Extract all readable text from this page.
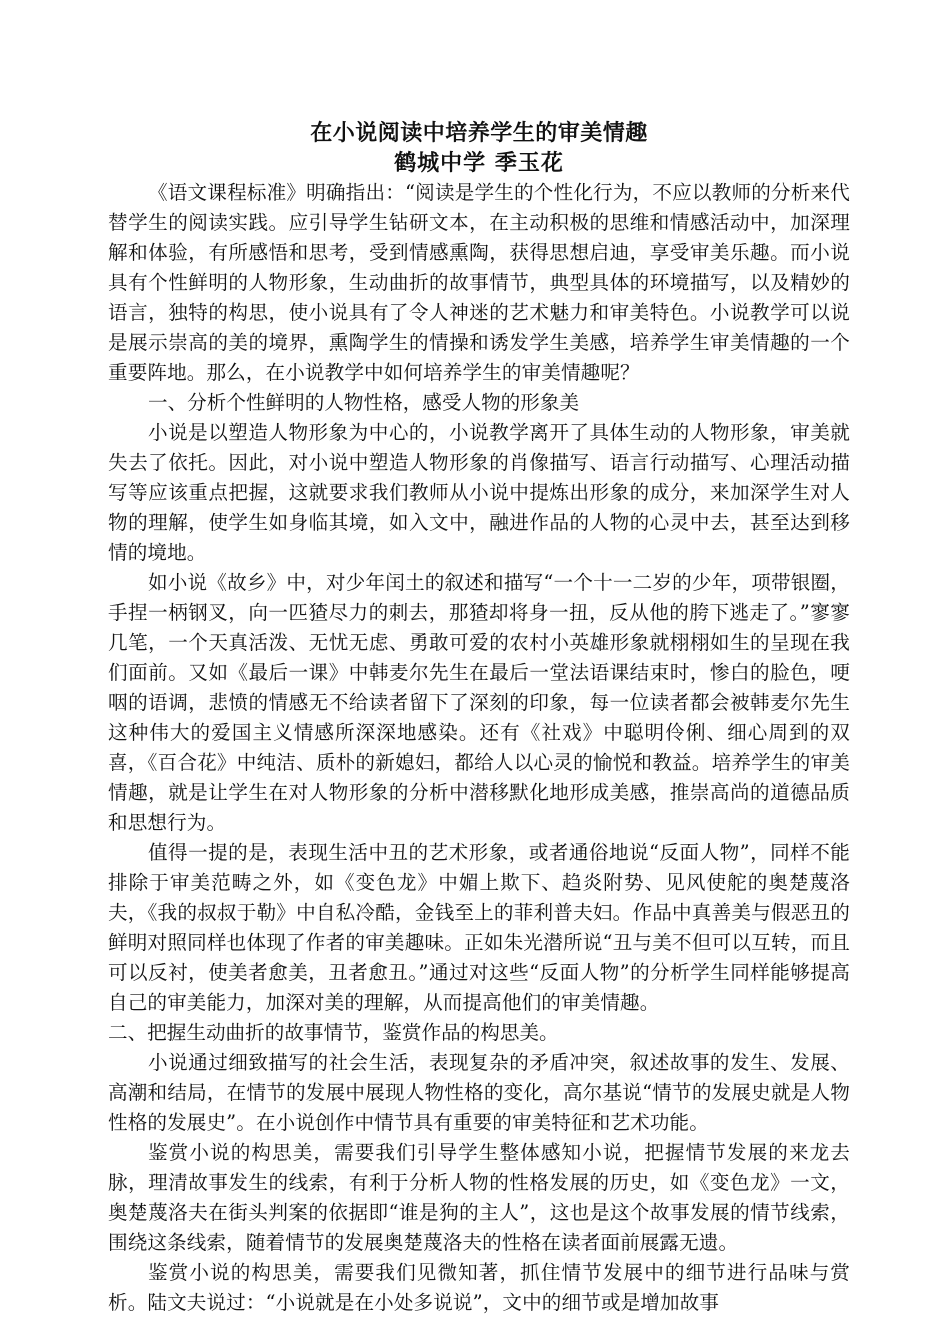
在小说阅读中培养学生的审美情趣
鹤城中学 季玉花

《语文课程标准》明确指出：“阅读是学生的个性化行为，不应以教师的分析来代替学生的阅读实践。应引导学生钻研文本，在主动积极的思维和情感活动中，加深理解和体验，有所感悟和思考，受到情感熏陶，获得思想启迪，享受审美乐趣。而小说具有个性鲜明的人物形象，生动曲折的故事情节，典型具体的环境描写，以及精妙的语言，独特的构思，使小说具有了令人神迷的艺术魅力和审美特色。小说教学可以说是展示崇高的美的境界，熏陶学生的情操和诱发学生美感，培养学生审美情趣的一个重要阵地。那么，在小说教学中如何培养学生的审美情趣呢？

一、分析个性鲜明的人物性格，感受人物的形象美

小说是以塑造人物形象为中心的，小说教学离开了具体生动的人物形象，审美就失去了依托。因此，对小说中塑造人物形象的肖像描写、语言行动描写、心理活动描写等应该重点把握，这就要求我们教师从小说中提炼出形象的成分，来加深学生对人物的理解，使学生如身临其境，如入文中，融进作品的人物的心灵中去，甚至达到移情的境地。

如小说《故乡》中，对少年闰土的叙述和描写“一个十一二岁的少年，项带银圈，手捏一柄钢叉，向一匹猹尽力的刺去，那猹却将身一扭，反从他的胯下逃走了。”寥寥几笔，一个天真活泼、无忧无虑、勇敢可爱的农村小英雄形象就栩栩如生的呈现在我们面前。又如《最后一课》中韩麦尔先生在最后一堂法语课结束时，惨白的脸色，哽咽的语调，悲愤的情感无不给读者留下了深刻的印象，每一位读者都会被韩麦尔先生这种伟大的爱国主义情感所深深地感染。还有《社戏》中聪明伶俐、细心周到的双喜，《百合花》中纯洁、质朴的新媳妇，都给人以心灵的愉悦和教益。培养学生的审美情趣，就是让学生在对人物形象的分析中潜移默化地形成美感，推崇高尚的道德品质和思想行为。

值得一提的是，表现生活中丑的艺术形象，或者通俗地说“反面人物”，同样不能排除于审美范畴之外，如《变色龙》中媚上欺下、趋炎附势、见风使舵的奥楚蔑洛夫，《我的叔叔于勒》中自私冷酷，金钱至上的菲利普夫妇。作品中真善美与假恶丑的鲜明对照同样也体现了作者的审美趣味。正如朱光潜所说“丑与美不但可以互转，而且可以反衬，使美者愈美，丑者愈丑。”通过对这些“反面人物”的分析学生同样能够提高自己的审美能力，加深对美的理解，从而提高他们的审美情趣。

二、把握生动曲折的故事情节，鉴赏作品的构思美。

小说通过细致描写的社会生活，表现复杂的矛盾冲突，叙述故事的发生、发展、高潮和结局，在情节的发展中展现人物性格的变化，高尔基说“情节的发展史就是人物性格的发展史”。在小说创作中情节具有重要的审美特征和艺术功能。

鉴赏小说的构思美，需要我们引导学生整体感知小说，把握情节发展的来龙去脉，理清故事发生的线索，有利于分析人物的性格发展的历史，如《变色龙》一文，奥楚蔑洛夫在街头判案的依据即“谁是狗的主人”，这也是这个故事发展的情节线索，围绕这条线索，随着情节的发展奥楚蔑洛夫的性格在读者面前展露无遗。

鉴赏小说的构思美，需要我们见微知著，抓住情节发展中的细节进行品味与赏析。陆文夫说过：“小说就是在小处多说说”，文中的细节或是增加故事
